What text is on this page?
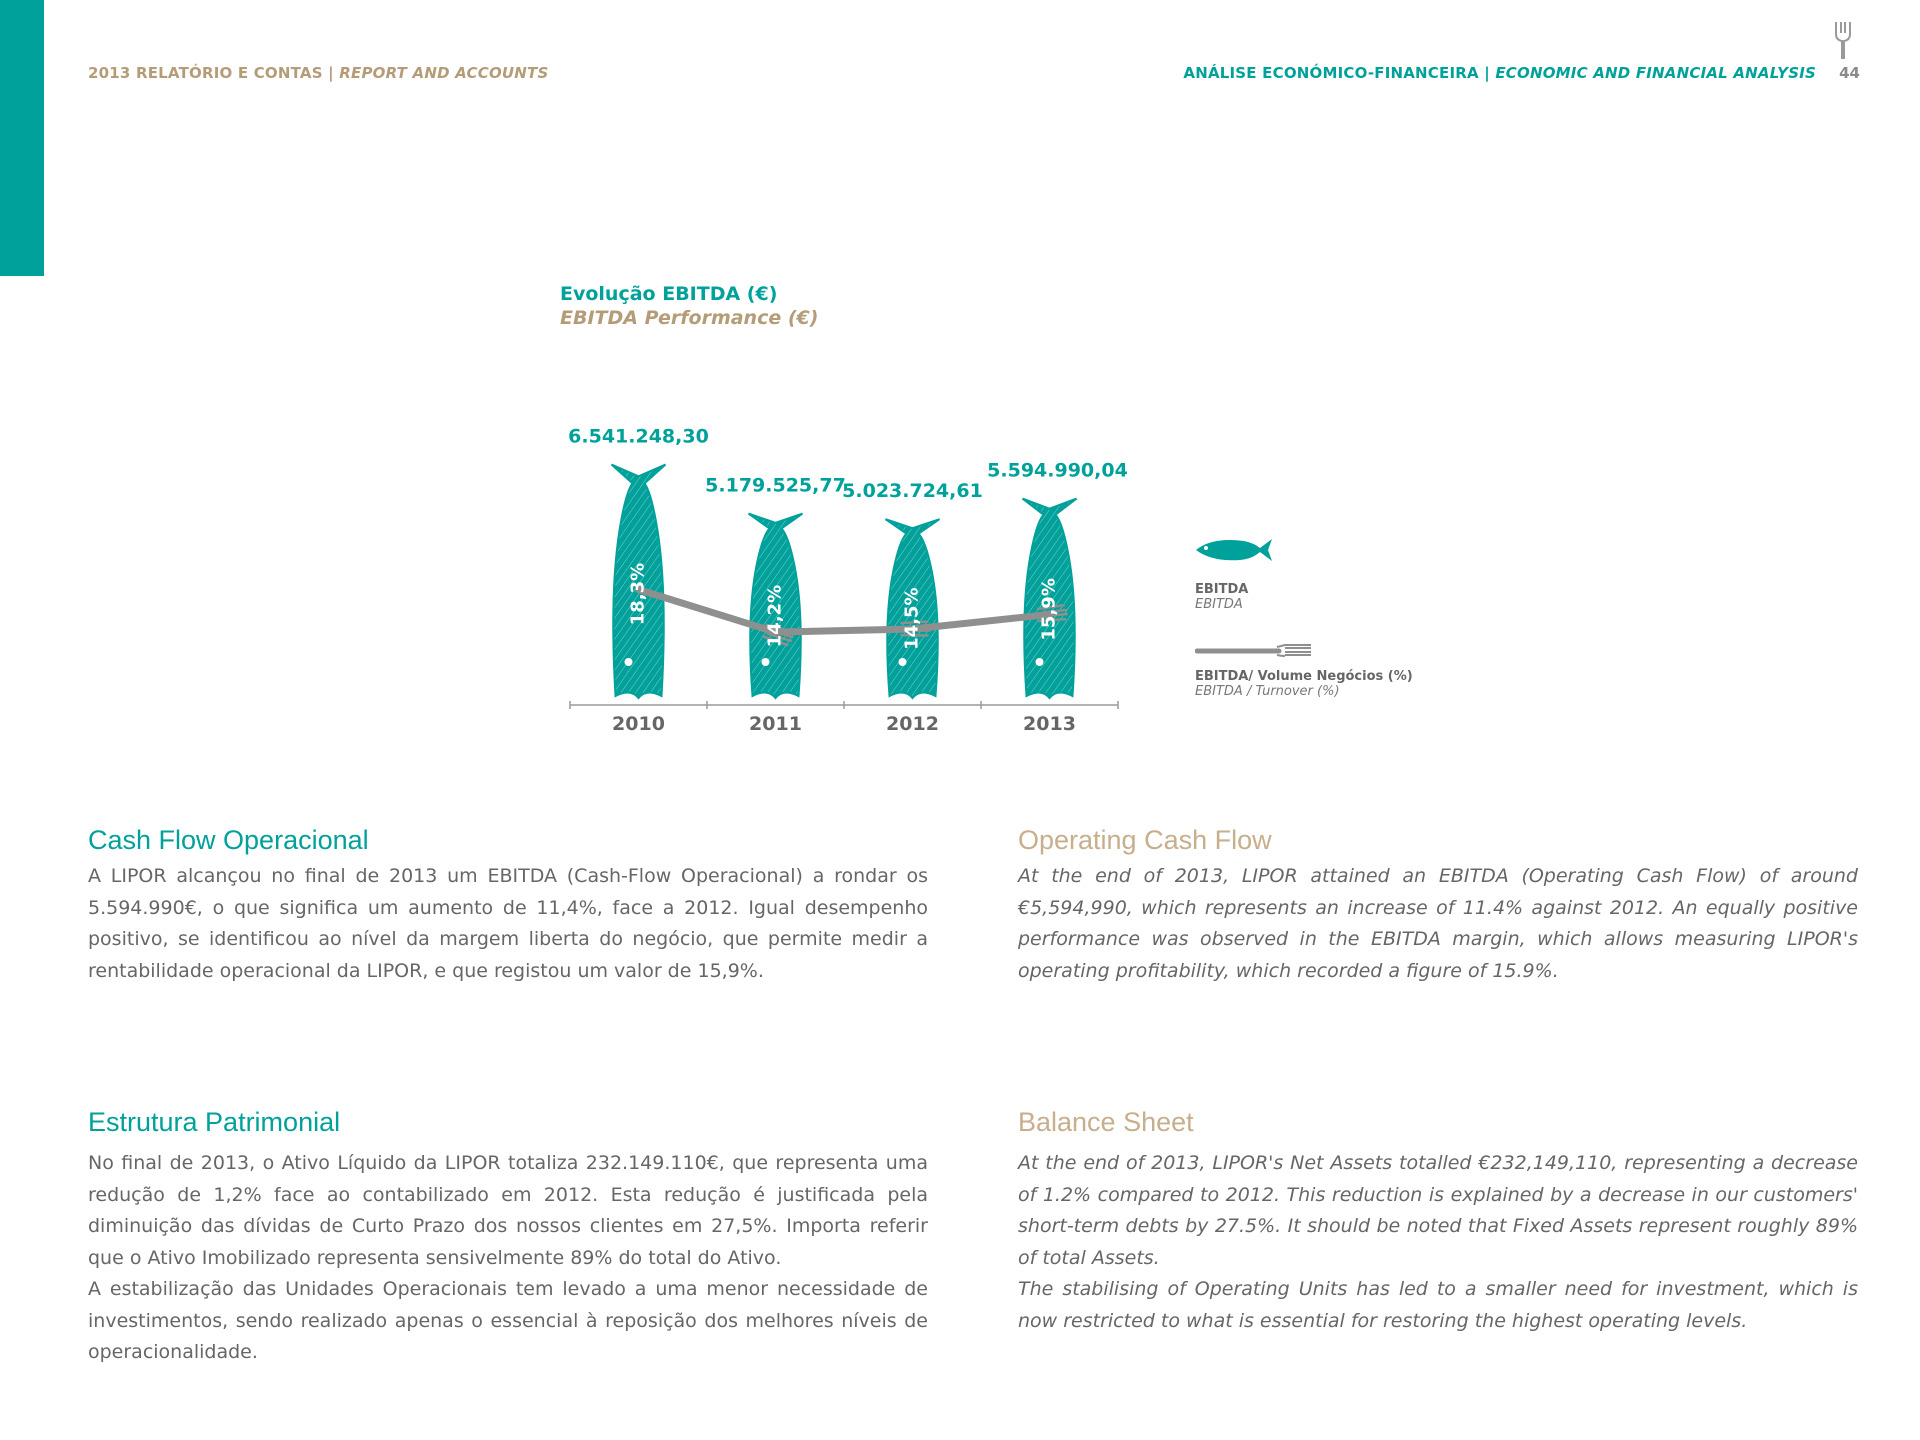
2013 RELATÓRIO E CONTAS | REPORT AND ACCOUNTS	ANÁLISE ECONÓMICO-FINANCEIRA | ECONOMIC AND FINANCIAL ANALYSIS 44
Evolução EBITDA (€)
EBITDA Performance (€)
18,3%
6.541.248,30
14,2%
5.179.525,77
14,5%
5.023.724,61
15,9%
5.594.990,04
2010	2011	2012	2013
EBITDA
EBITDA
EBITDA/ Volume Negócios (%)
EBITDA / Turnover (%)
Cash Flow Operacional

A LIPOR alcançou no final de 2013 um EBITDA (Cash-Flow Operacional) a rondar os 5.594.990€, o que significa um aumento de 11,4%, face a 2012. Igual desempenho positivo, se identificou ao nível da margem liberta do negócio, que permite medir a rentabilidade operacional da LIPOR, e que registou um valor de 15,9%.

Operating Cash Flow

At the end of 2013, LIPOR attained an EBITDA (Operating Cash Flow) of around €5,594,990, which represents an increase of 11.4% against 2012. An equally positive performance was observed in the EBITDA margin, which allows measuring LIPOR's operating profitability, which recorded a figure of 15.9%.

Estrutura Patrimonial

No final de 2013, o Ativo Líquido da LIPOR totaliza 232.149.110€, que representa uma redução de 1,2% face ao contabilizado em 2012. Esta redução é justificada pela diminuição das dívidas de Curto Prazo dos nossos clientes em 27,5%. Importa referir que o Ativo Imobilizado representa sensivelmente 89% do total do Ativo.

A estabilização das Unidades Operacionais tem levado a uma menor necessidade de investimentos, sendo realizado apenas o essencial à reposição dos melhores níveis de operacionalidade.

Balance Sheet

At the end of 2013, LIPOR's Net Assets totalled €232,149,110, representing a decrease of 1.2% compared to 2012. This reduction is explained by a decrease in our customers' short-term debts by 27.5%. It should be noted that Fixed Assets represent roughly 89% of total Assets.

The stabilising of Operating Units has led to a smaller need for investment, which is now restricted to what is essential for restoring the highest operating levels.
